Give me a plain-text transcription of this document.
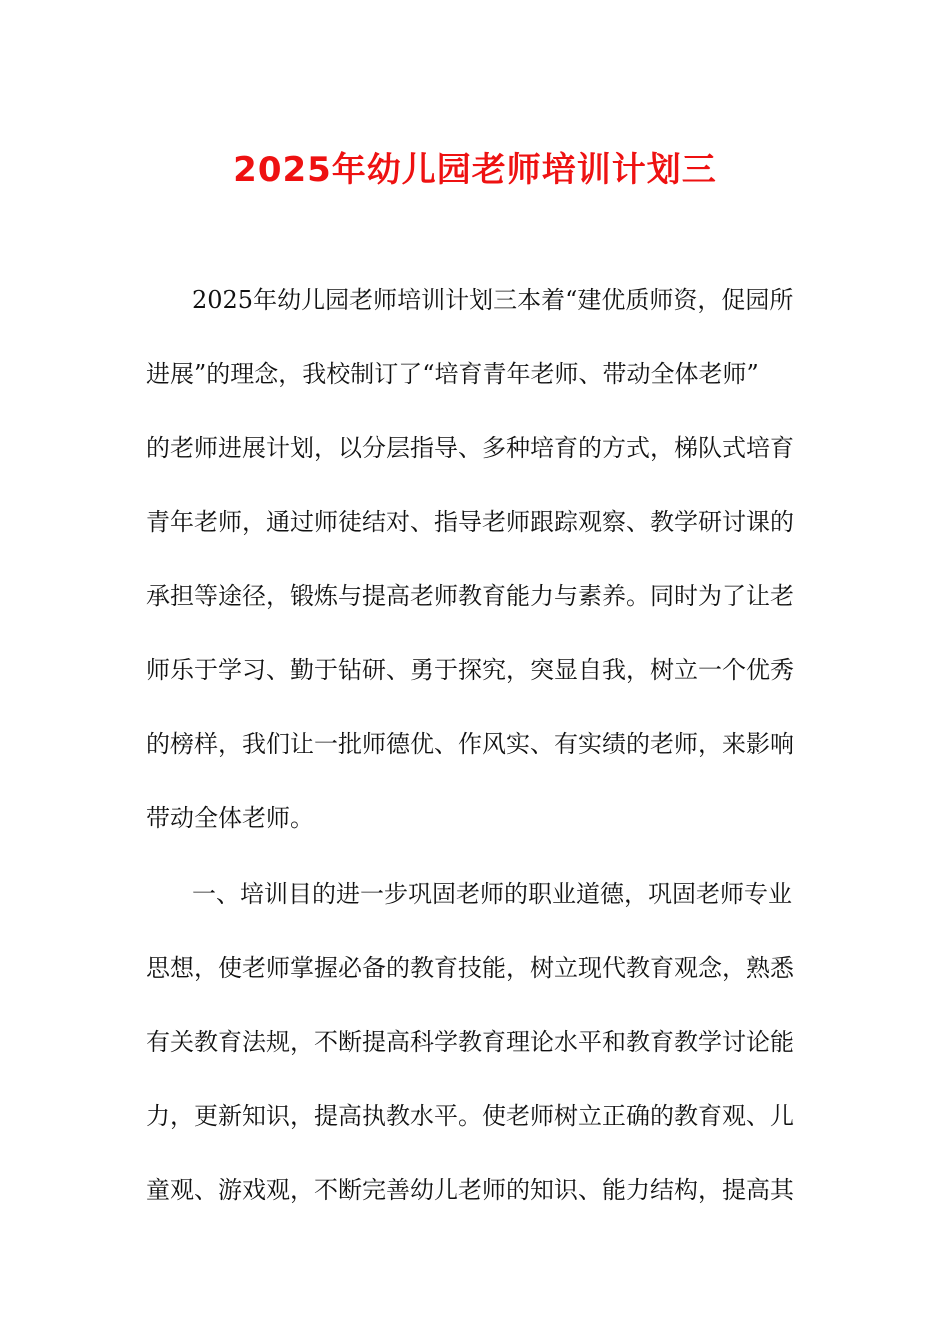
2025年幼儿园老师培训计划三
2025年幼儿园老师培训计划三本着“建优质师资，促园所
进展”的理念，我校制订了“培育青年老师、带动全体老师”
的老师进展计划，以分层指导、多种培育的方式，梯队式培育
青年老师，通过师徒结对、指导老师跟踪观察、教学研讨课的
承担等途径，锻炼与提高老师教育能力与素养。同时为了让老
师乐于学习、勤于钻研、勇于探究，突显自我，树立一个优秀
的榜样，我们让一批师德优、作风实、有实绩的老师，来影响
带动全体老师。
一、培训目的进一步巩固老师的职业道德，巩固老师专业
思想，使老师掌握必备的教育技能，树立现代教育观念，熟悉
有关教育法规，不断提高科学教育理论水平和教育教学讨论能
力，更新知识，提高执教水平。使老师树立正确的教育观、儿
童观、游戏观，不断完善幼儿老师的知识、能力结构，提高其
